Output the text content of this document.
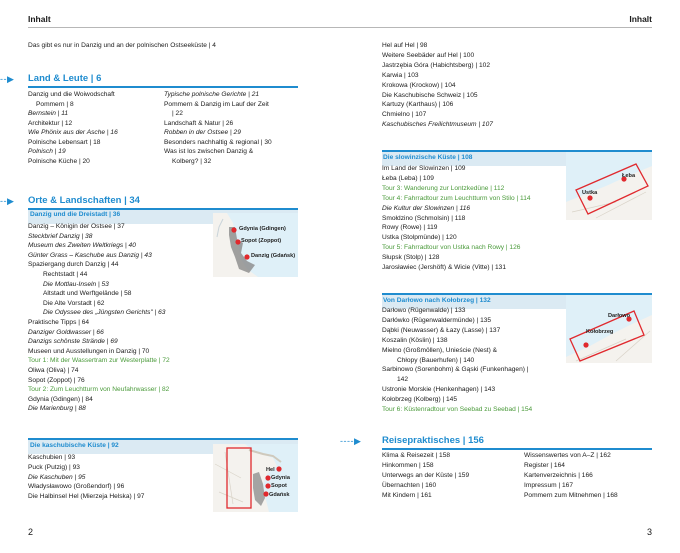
Inhalt
Das gibt es nur in Danzig und an der polnischen Ostseeküste | 4
- - ▶ Land & Leute | 6
Danzig und die Woiwodschaft
Pommern | 8
Bernstein | 11
Architektur | 12
Wie Phönix aus der Asche | 16
Polnische Lebensart | 18
Polnisch | 19
Polnische Küche | 20
Typische polnische Gerichte | 21
Pommern & Danzig im Lauf der Zeit
| 22
Landschaft & Natur | 26
Robben in der Ostsee | 29
Besonders nachhaltig & regional | 30
Was ist los zwischen Danzig &
Kolberg? | 32
- - ▶ Orte & Landschaften | 34
Danzig und die Dreistadt | 36
Danzig – Königin der Ostsee | 37
Steckbrief Danzig | 38
Museum des Zweiten Weltkriegs | 40
Günter Grass – Kaschube aus Danzig | 43
Spaziergang durch Danzig | 44
Rechtstadt | 44
Die Mottlau-Inseln | 53
Altstadt und Werftgelände | 58
Die Alte Vorstadt | 62
Die Odyssee des „Jüngsten Gerichts" | 63
Praktische Tipps | 64
Danziger Goldwasser | 66
Danzigs schönste Strände | 69
Museen und Ausstellungen in Danzig | 70
Tour 1: Mit der Wassertram zur Westerplatte | 72
Oliwa (Oliva) | 74
Sopot (Zoppot) | 76
Tour 2: Zum Leuchtturm von Neufahrwasser | 82
Gdynia (Gdingen) | 84
Die Marienburg | 88
Gdynia (Gdingen)
Sopot (Zoppot)
Danzig (Gdańsk)
Die kaschubische Küste | 92
Kaschubien | 93
Puck (Putzig) | 93
Die Kaschuben | 95
Władysławowo (Großendorf) | 96
Die Halbinsel Hel (Mierzeja Helska) | 97
Hel
Gdynia
Sopot
Gdańsk
2
Inhalt
Hel auf Hel | 98
Weitere Seebäder auf Hel | 100
Jastrzębia Góra (Habichtsberg) | 102
Karwia | 103
Krokowa (Krockow) | 104
Die Kaschubische Schweiz | 105
Kartuzy (Karthaus) | 106
Chmielno | 107
Kaschubisches Freilichtmuseum | 107
Die slowinzische Küste | 108
Im Land der Slowinzen | 109
Łeba (Leba) | 109
Tour 3: Wanderung zur Lontzkedüne | 112
Tour 4: Fahrradtour zum Leuchtturm von Stilo | 114
Die Kultur der Slowinzen | 116
Smołdzino (Schmolsin) | 118
Rowy (Rowe) | 119
Ustka (Stolpmünde) | 120
Tour 5: Fahrradtour von Ustka nach Rowy | 126
Słupsk (Stolp) | 128
Jarosławiec (Jershöft) & Wicie (Vitte) | 131
Łeba
Ustka
Von Darłowo nach Kołobrzeg | 132
Darłowo (Rügenwalde) | 133
Darłówko (Rügenwaldermünde) | 135
Dąbki (Neuwasser) & Łazy (Lasse) | 137
Koszalin (Köslin) | 138
Mielno (Großmöllen), Unieście (Nest) &
Chłopy (Bauerhufen) | 140
Sarbinowo (Sorenbohm) & Gąski (Funkenhagen) |
142
Ustronie Morskie (Henkenhagen) | 143
Kołobrzeg (Kolberg) | 145
Tour 6: Küstenradtour von Seebad zu Seebad | 154
Darłowo
Kołobrzeg
- - - - ▶ Reisepraktisches | 156
Klima & Reisezeit | 158
Hinkommen | 158
Unterwegs an der Küste | 159
Übernachten | 160
Mit Kindern | 161
Wissenswertes von A–Z | 162
Register | 164
Kartenverzeichnis | 166
Impressum | 167
Pommern zum Mitnehmen | 168
3
